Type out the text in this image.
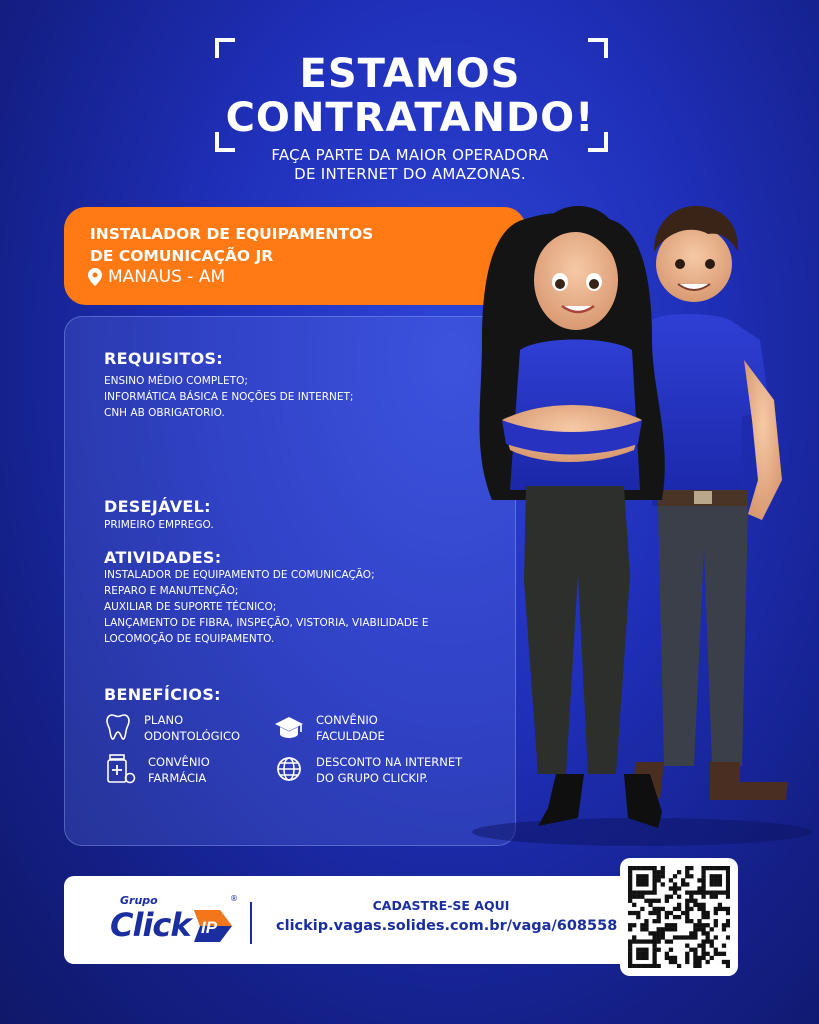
ESTAMOS
CONTRATANDO!
FAÇA PARTE DA MAIOR OPERADORA
DE INTERNET DO AMAZONAS.
INSTALADOR DE EQUIPAMENTOS
DE COMUNICAÇÃO JR
MANAUS - AM
REQUISITOS:
ENSINO MÉDIO COMPLETO;
INFORMÁTICA BÁSICA E NOÇÕES DE INTERNET;
CNH AB OBRIGATORIO.
DESEJÁVEL:
PRIMEIRO EMPREGO.
ATIVIDADES:
INSTALADOR DE EQUIPAMENTO DE COMUNICAÇÃO;
REPARO E MANUTENÇÃO;
AUXILIAR DE SUPORTE TÉCNICO;
LANÇAMENTO DE FIBRA, INSPEÇÃO, VISTORIA, VIABILIDADE E
LOCOMOÇÃO DE EQUIPAMENTO.
BENEFÍCIOS:
PLANO
ODONTOLÓGICO
CONVÊNIO
FACULDADE
CONVÊNIO
FARMÁCIA
DESCONTO NA INTERNET
DO GRUPO CLICKIP.
Grupo
Click IP
®	CADASTRE-SE AQUI
clickip.vagas.solides.com.br/vaga/608558
